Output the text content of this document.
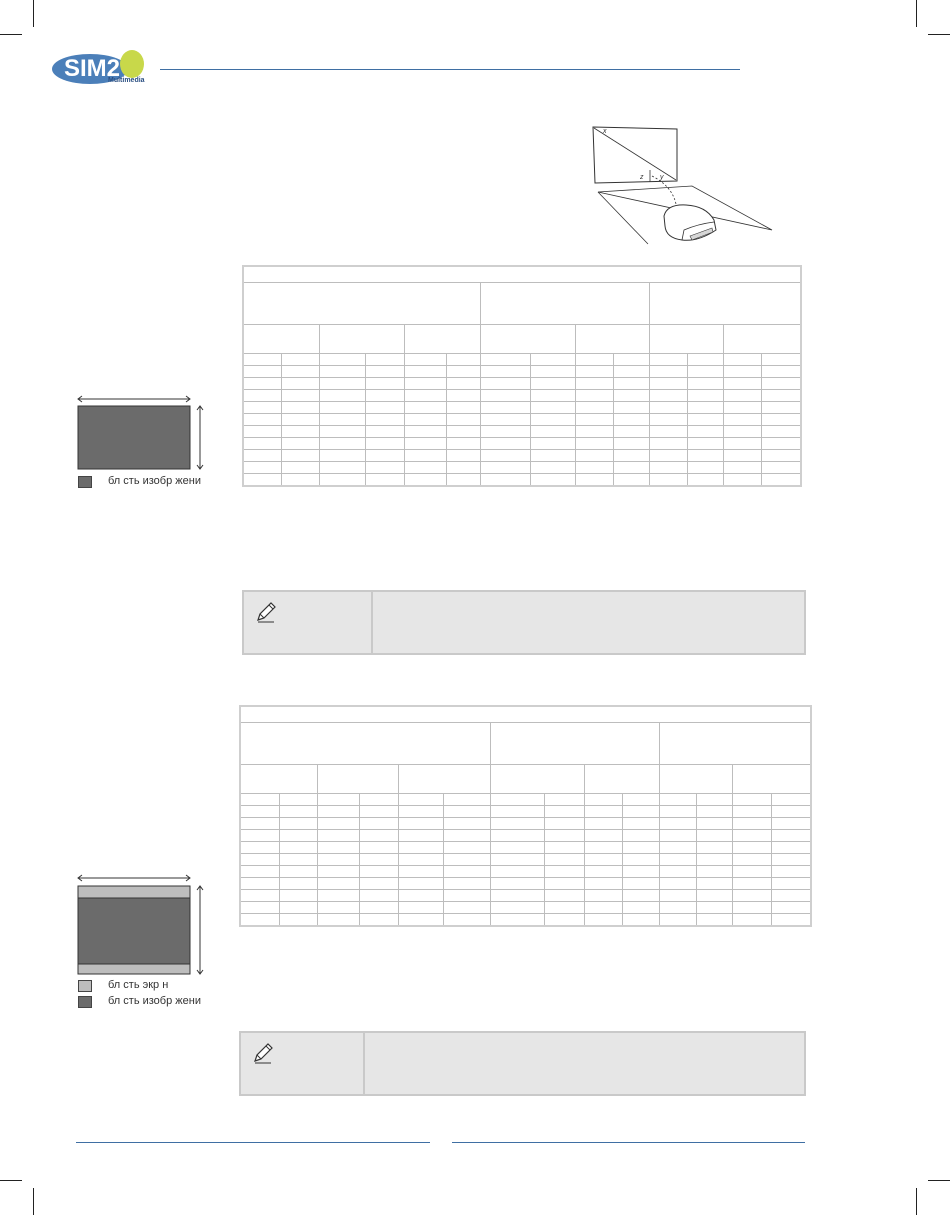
SIM2
Multimedia
x
z y
бл сть изобр жени

бл сть экр н
бл сть изобр жени
